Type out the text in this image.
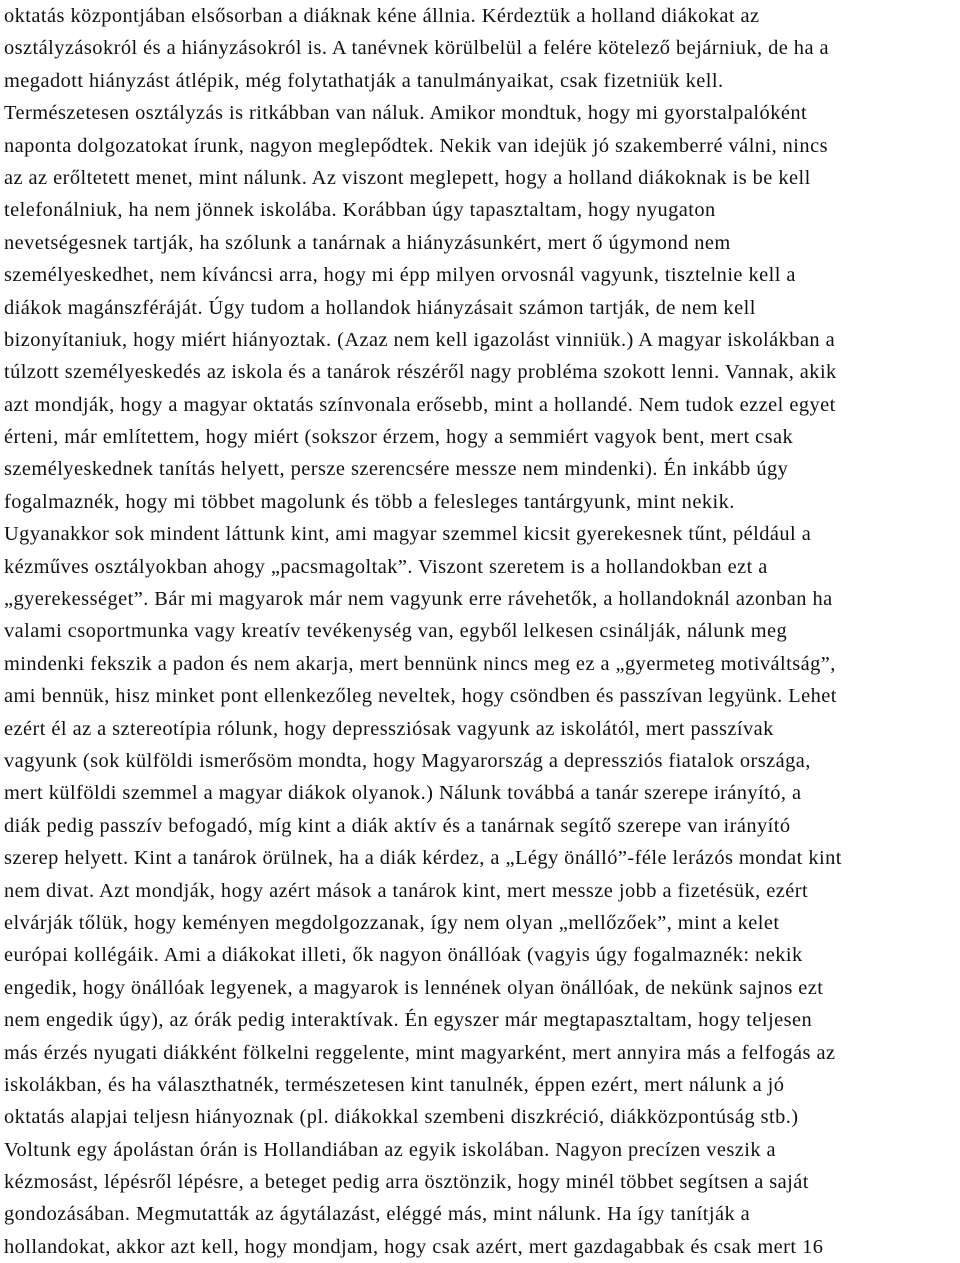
oktatás központjában elsősorban a diáknak kéne állnia. Kérdeztük a holland diákokat az
osztályzásokról és a hiányzásokról is. A tanévnek körülbelül a felére kötelező bejárniuk, de ha a
megadott hiányzást átlépik, még folytathatják a tanulmányaikat, csak fizetniük kell.
Természetesen osztályzás is ritkábban van náluk. Amikor mondtuk, hogy mi gyorstalpalóként
naponta dolgozatokat írunk, nagyon meglepődtek. Nekik van idejük jó szakemberré válni, nincs
az az erőltetett menet, mint nálunk. Az viszont meglepett, hogy a holland diákoknak is be kell
telefonálniuk, ha nem jönnek iskolába. Korábban úgy tapasztaltam, hogy nyugaton
nevetségesnek tartják, ha szólunk a tanárnak a hiányzásunkért, mert ő úgymond nem
személyeskedhet, nem kíváncsi arra, hogy mi épp milyen orvosnál vagyunk, tisztelnie kell a
diákok magánszféráját. Úgy tudom a hollandok hiányzásait számon tartják, de nem kell
bizonyítaniuk, hogy miért hiányoztak. (Azaz nem kell igazolást vinniük.) A magyar iskolákban a
túlzott személyeskedés az iskola és a tanárok részéről nagy probléma szokott lenni. Vannak, akik
azt mondják, hogy a magyar oktatás színvonala erősebb, mint a hollandé. Nem tudok ezzel egyet
érteni, már említettem, hogy miért (sokszor érzem, hogy a semmiért vagyok bent, mert csak
személyeskednek tanítás helyett, persze szerencsére messze nem mindenki). Én inkább úgy
fogalmaznék, hogy mi többet magolunk és több a felesleges tantárgyunk, mint nekik.
Ugyanakkor sok mindent láttunk kint, ami magyar szemmel kicsit gyerekesnek tűnt, például a
kézműves osztályokban ahogy „pacsmagoltak”. Viszont szeretem is a hollandokban ezt a
„gyerekességet”. Bár mi magyarok már nem vagyunk erre rávehetők, a hollandoknál azonban ha
valami csoportmunka vagy kreatív tevékenység van, egyből lelkesen csinálják, nálunk meg
mindenki fekszik a padon és nem akarja, mert bennünk nincs meg ez a „gyermeteg motiváltság”,
ami bennük, hisz minket pont ellenkezőleg neveltek, hogy csöndben és passzívan legyünk. Lehet
ezért él az a sztereotípia rólunk, hogy depressziósak vagyunk az iskolától, mert passzívak
vagyunk (sok külföldi ismerősöm mondta, hogy Magyarország a depressziós fiatalok országa,
mert külföldi szemmel a magyar diákok olyanok.) Nálunk továbbá a tanár szerepe irányító, a
diák pedig passzív befogadó, míg kint a diák aktív és a tanárnak segítő szerepe van irányító
szerep helyett. Kint a tanárok örülnek, ha a diák kérdez, a „Légy önálló”-féle lerázós mondat kint
nem divat. Azt mondják, hogy azért mások a tanárok kint, mert messze jobb a fizetésük, ezért
elvárják tőlük, hogy keményen megdolgozzanak, így nem olyan „mellőzőek”, mint a kelet
európai kollégáik. Ami a diákokat illeti, ők nagyon önállóak (vagyis úgy fogalmaznék: nekik
engedik, hogy önállóak legyenek, a magyarok is lennének olyan önállóak, de nekünk sajnos ezt
nem engedik úgy), az órák pedig interaktívak. Én egyszer már megtapasztaltam, hogy teljesen
más érzés nyugati diákként fölkelni reggelente, mint magyarként, mert annyira más a felfogás az
iskolákban, és ha választhatnék, természetesen kint tanulnék, éppen ezért, mert nálunk a jó
oktatás alapjai teljesn hiányoznak (pl. diákokkal szembeni diszkréció, diákközpontúság stb.)
Voltunk egy ápolástan órán is Hollandiában az egyik iskolában. Nagyon precízen veszik a
kézmosást, lépésről lépésre, a beteget pedig arra ösztönzik, hogy minél többet segítsen a saját
gondozásában. Megmutatták az ágytálazást, eléggé más, mint nálunk. Ha így tanítják a
hollandokat, akkor azt kell, hogy mondjam, hogy csak azért, mert gazdagabbak és csak mert 16
